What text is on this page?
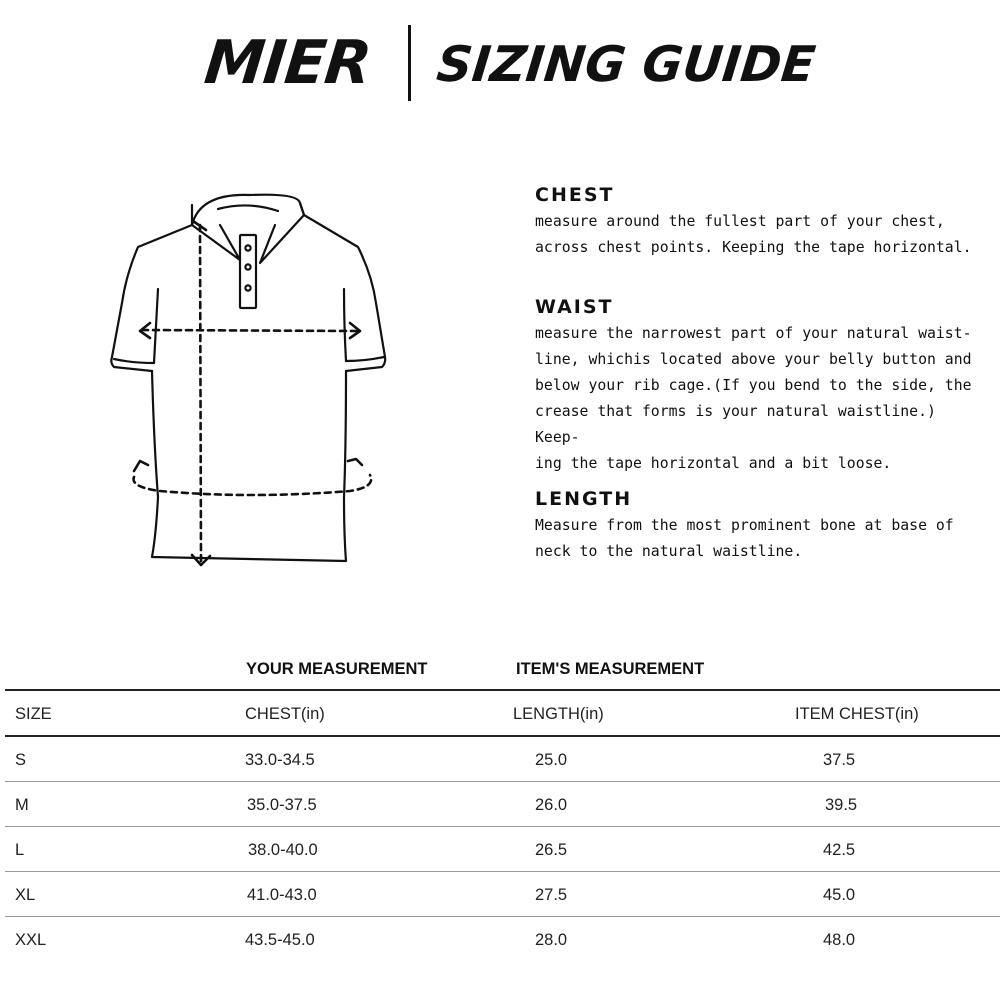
MIER SIZING GUIDE
CHEST

measure around the fullest part of your chest,
across chest points. Keeping the tape horizontal.

WAIST

measure the narrowest part of your natural waist-
line, whichis located above your belly button and
below your rib cage.(If you bend to the side, the
crease that forms is your natural waistline.) Keep-
ing the tape horizontal and a bit loose.

LENGTH

Measure from the most prominent bone at base of
neck to the natural waistline.

YOUR MEASUREMENT	ITEM'S MEASUREMENT
SIZE	CHEST(in)	LENGTH(in)	ITEM CHEST(in)
S	33.0-34.5	25.0	37.5
M	35.0-37.5	26.0	39.5
L	38.0-40.0	26.5	42.5
XL	41.0-43.0	27.5	45.0
XXL	43.5-45.0	28.0	48.0
